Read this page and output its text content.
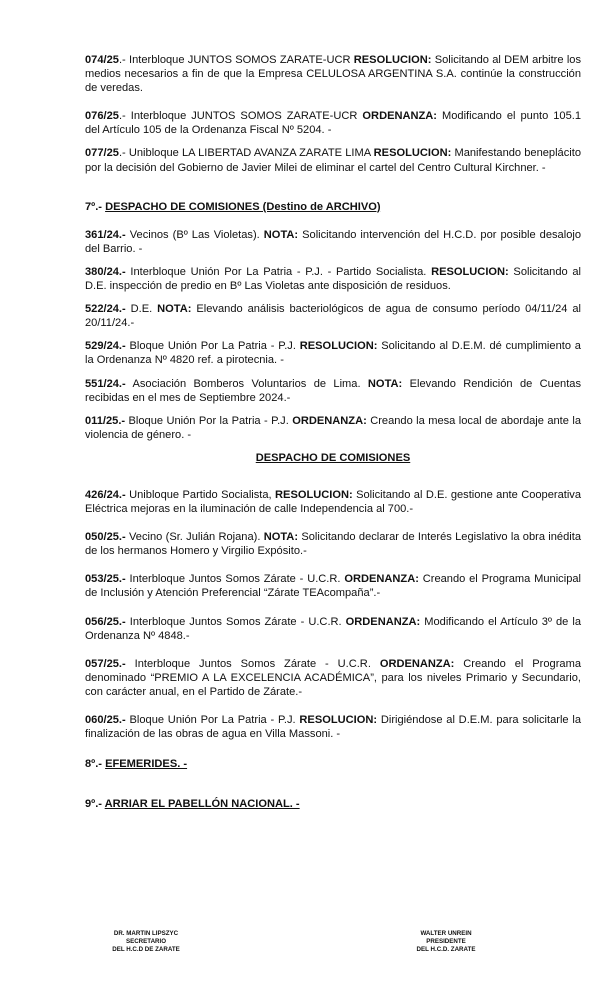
074/25.- Interbloque JUNTOS SOMOS ZARATE-UCR RESOLUCION: Solicitando al DEM arbitre los medios necesarios a fin de que la Empresa CELULOSA ARGENTINA S.A. continúe la construcción de veredas.

076/25.- Interbloque JUNTOS SOMOS ZARATE-UCR ORDENANZA: Modificando el punto 105.1 del Artículo 105 de la Ordenanza Fiscal Nº 5204. -

077/25.- Unibloque LA LIBERTAD AVANZA ZARATE LIMA RESOLUCION: Manifestando beneplácito por la decisión del Gobierno de Javier Milei de eliminar el cartel del Centro Cultural Kirchner. -

7º.- DESPACHO DE COMISIONES (Destino de ARCHIVO)

361/24.- Vecinos (Bº Las Violetas). NOTA: Solicitando intervención del H.C.D. por posible desalojo del Barrio. -

380/24.- Interbloque Unión Por La Patria - P.J. - Partido Socialista. RESOLUCION: Solicitando al D.E. inspección de predio en Bº Las Violetas ante disposición de residuos.

522/24.- D.E. NOTA: Elevando análisis bacteriológicos de agua de consumo período 04/11/24 al 20/11/24.-

529/24.- Bloque Unión Por La Patria - P.J. RESOLUCION: Solicitando al D.E.M. dé cumplimiento a la Ordenanza Nº 4820 ref. a pirotecnia. -

551/24.- Asociación Bomberos Voluntarios de Lima. NOTA: Elevando Rendición de Cuentas recibidas en el mes de Septiembre 2024.-

011/25.- Bloque Unión Por la Patria - P.J. ORDENANZA: Creando la mesa local de abordaje ante la violencia de género. -

DESPACHO DE COMISIONES

426/24.- Unibloque Partido Socialista, RESOLUCION: Solicitando al D.E. gestione ante Cooperativa Eléctrica mejoras en la iluminación de calle Independencia al 700.-

050/25.- Vecino (Sr. Julián Rojana). NOTA: Solicitando declarar de Interés Legislativo la obra inédita de los hermanos Homero y Virgilio Expósito.-

053/25.- Interbloque Juntos Somos Zárate - U.C.R. ORDENANZA: Creando el Programa Municipal de Inclusión y Atención Preferencial “Zárate TEAcompaña”.-

056/25.- Interbloque Juntos Somos Zárate - U.C.R. ORDENANZA: Modificando el Artículo 3º de la Ordenanza Nº 4848.-

057/25.- Interbloque Juntos Somos Zárate - U.C.R. ORDENANZA: Creando el Programa denominado “PREMIO A LA EXCELENCIA ACADÉMICA”, para los niveles Primario y Secundario, con carácter anual, en el Partido de Zárate.-

060/25.- Bloque Unión Por La Patria - P.J. RESOLUCION: Dirigiéndose al D.E.M. para solicitarle la finalización de las obras de agua en Villa Massoni. -

8º.- EFEMERIDES. -

9º.- ARRIAR EL PABELLÓN NACIONAL. -

DR. MARTIN LIPSZYC
SECRETARIO
DEL H.C.D DE ZARATE
WALTER UNREIN
PRESIDENTE
DEL H.C.D. ZARATE
